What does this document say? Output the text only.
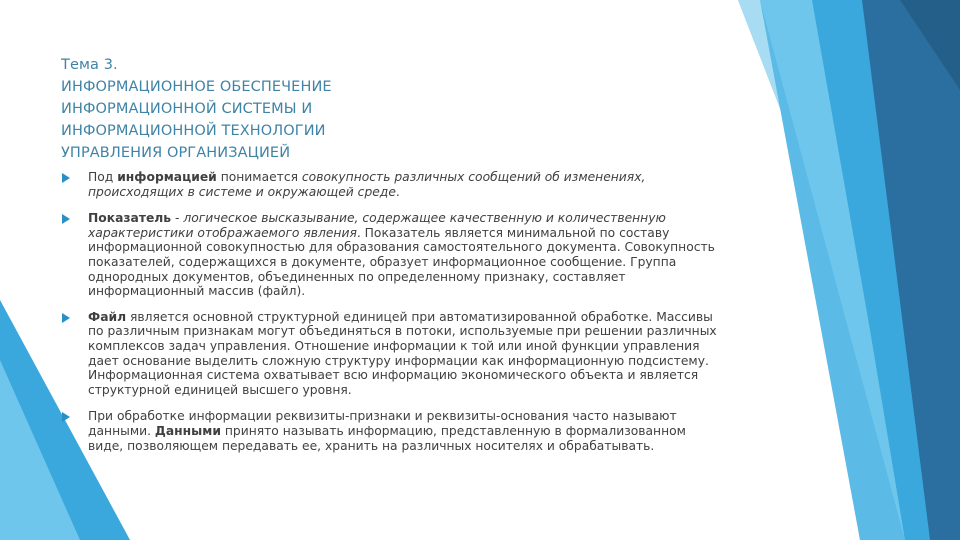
Тема 3.
ИНФОРМАЦИОННОЕ ОБЕСПЕЧЕНИЕ
ИНФОРМАЦИОННОЙ СИСТЕМЫ И
ИНФОРМАЦИОННОЙ ТЕХНОЛОГИИ
УПРАВЛЕНИЯ ОРГАНИЗАЦИЕЙ
Под информацией понимается совокупность различных сообщений об изменениях, происходящих в системе и окружающей среде.
Показатель - логическое высказывание, содержащее качественную и количественную характеристики отображаемого явления. Показатель является минимальной по составу информационной совокупностью для образования самостоятельного документа. Совокупность показателей, содержащихся в документе, образует информационное сообщение. Группа однородных документов, объединенных по определенному признаку, составляет информационный массив (файл).
Файл является основной структурной единицей при автоматизированной обработке. Массивы по различным признакам могут объединяться в потоки, используемые при решении различных комплексов задач управления. Отношение информации к той или иной функции управления дает основание выделить сложную структуру информации как информационную подсистему. Информационная система охватывает всю информацию экономического объекта и является структурной единицей высшего уровня.
При обработке информации реквизиты-признаки и реквизиты-основания часто называют данными. Данными принято называть информацию, представленную в формализованном виде, позволяющем передавать ее, хранить на различных носителях и обрабатывать.
